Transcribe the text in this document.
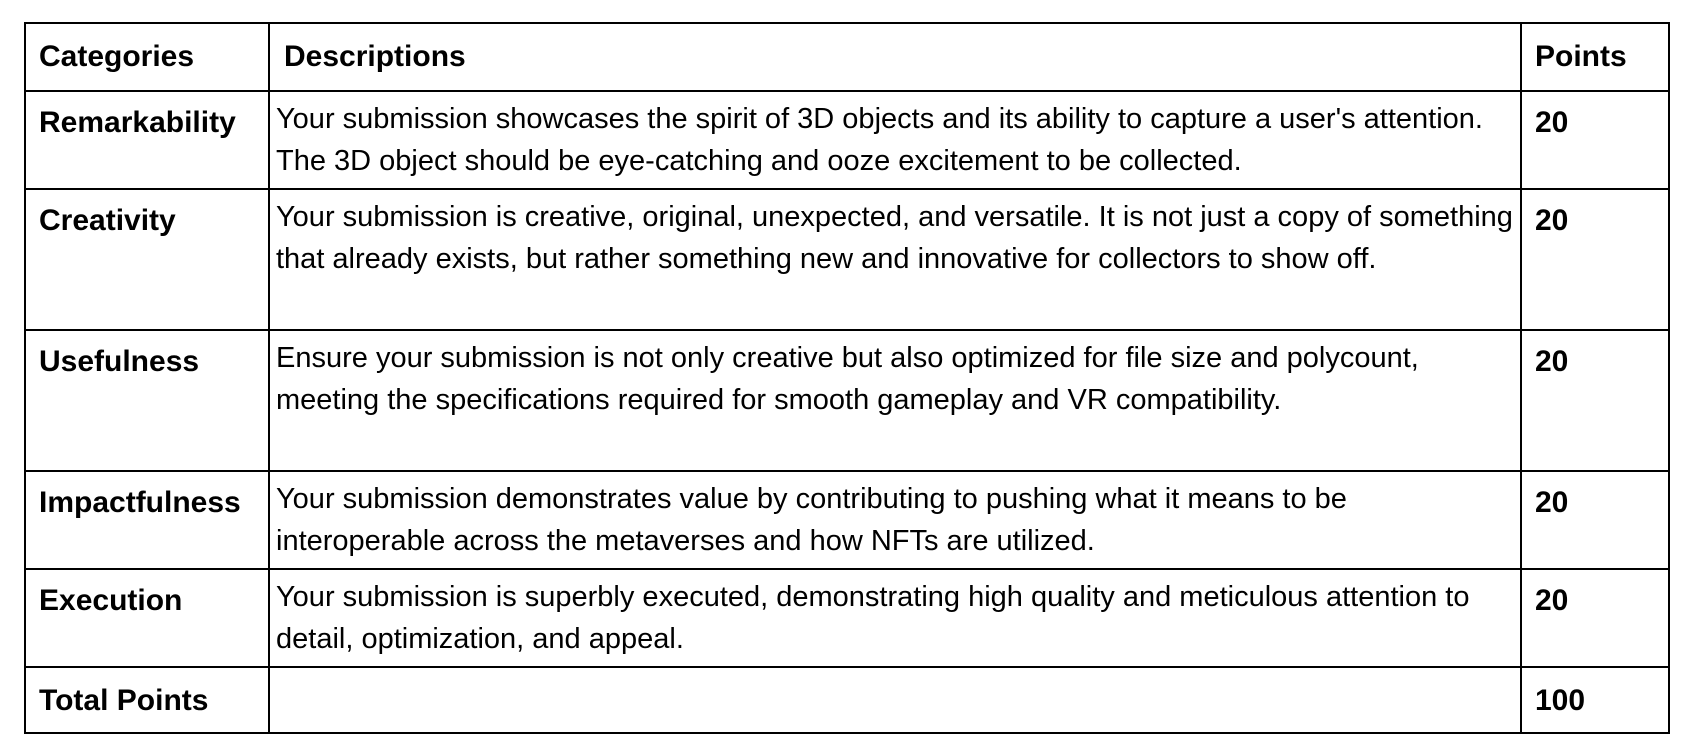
Categories	Descriptions	Points
Remarkability	Your submission showcases the spirit of 3D objects and its ability to capture a user's attention. The 3D object should be eye-catching and ooze excitement to be collected.	20
Creativity	Your submission is creative, original, unexpected, and versatile. It is not just a copy of something that already exists, but rather something new and innovative for collectors to show off.	20
Usefulness	Ensure your submission is not only creative but also optimized for file size and polycount, meeting the specifications required for smooth gameplay and VR compatibility.	20
Impactfulness	Your submission demonstrates value by contributing to pushing what it means to be interoperable across the metaverses and how NFTs are utilized.	20
Execution	Your submission is superbly executed, demonstrating high quality and meticulous attention to detail, optimization, and appeal.	20
Total Points		100
